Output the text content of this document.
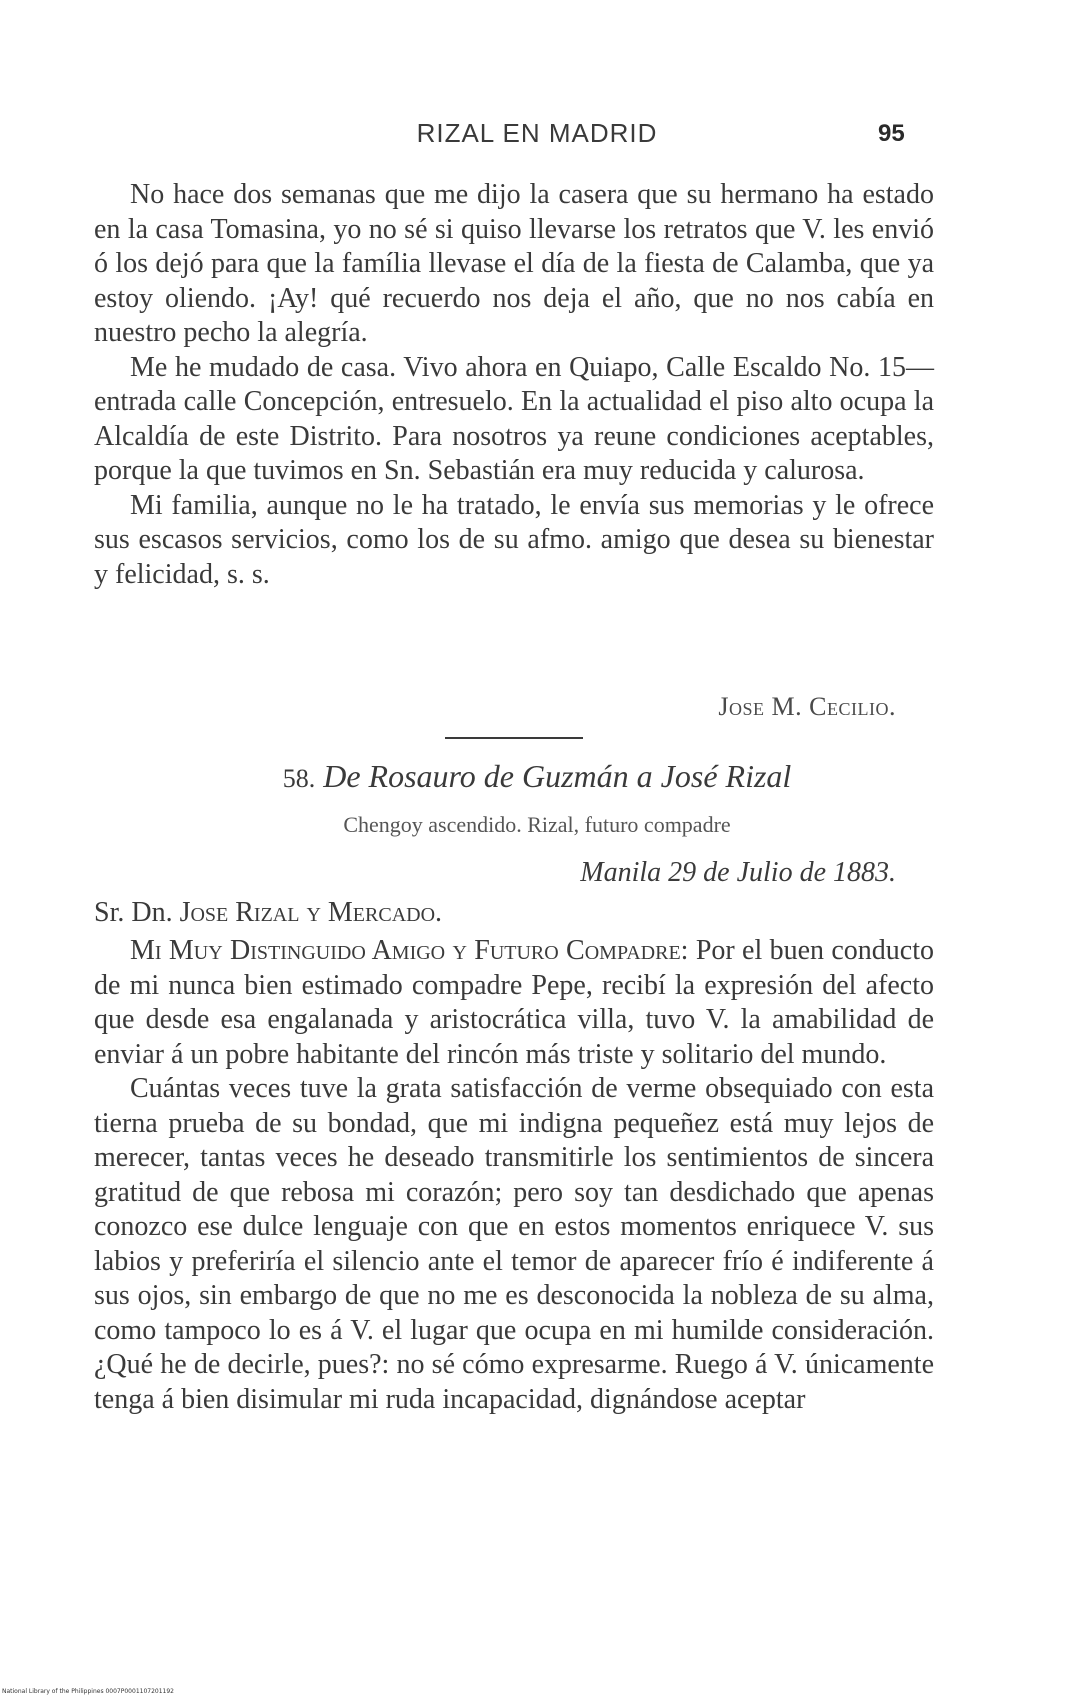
RIZAL EN MADRID	95

No hace dos semanas que me dijo la casera que su hermano ha estado en la casa Tomasina, yo no sé si quiso llevarse los retratos que V. les envió ó los dejó para que la família llevase el día de la fiesta de Calamba, que ya estoy oliendo. ¡Ay! qué recuerdo nos deja el año, que no nos cabía en nuestro pecho la alegría.

Me he mudado de casa. Vivo ahora en Quiapo, Calle Escaldo No. 15—entrada calle Concepción, entresuelo. En la actualidad el piso alto ocupa la Alcaldía de este Distrito. Para nosotros ya reune condiciones aceptables, porque la que tuvimos en Sn. Sebastián era muy reducida y calurosa.

Mi familia, aunque no le ha tratado, le envía sus memorias y le ofrece sus escasos servicios, como los de su afmo. amigo que desea su bienestar y felicidad, s. s.

Jose M. Cecilio.
58. De Rosauro de Guzmán a José Rizal
Chengoy ascendido. Rizal, futuro compadre
Manila 29 de Julio de 1883.
Sr. Dn. Jose Rizal y Mercado.

Mi Muy Distinguido Amigo y Futuro Compadre: Por el buen conducto de mi nunca bien estimado compadre Pepe, recibí la expresión del afecto que desde esa engalanada y aristocrática villa, tuvo V. la amabilidad de enviar á un pobre habitante del rincón más triste y solitario del mundo.

Cuántas veces tuve la grata satisfacción de verme obsequiado con esta tierna prueba de su bondad, que mi indigna pequeñez está muy lejos de merecer, tantas veces he deseado transmitirle los sentimientos de sincera gratitud de que rebosa mi corazón; pero soy tan desdichado que apenas conozco ese dulce lenguaje con que en estos momentos enriquece V. sus labios y preferiría el silencio ante el temor de aparecer frío é indiferente á sus ojos, sin embargo de que no me es desconocida la nobleza de su alma, como tampoco lo es á V. el lugar que ocupa en mi humilde consideración. ¿Qué he de decirle, pues?: no sé cómo expresarme. Ruego á V. únicamente tenga á bien disimular mi ruda incapacidad, dignándose aceptar

National Library of the Philippines 0007P0001107201192
